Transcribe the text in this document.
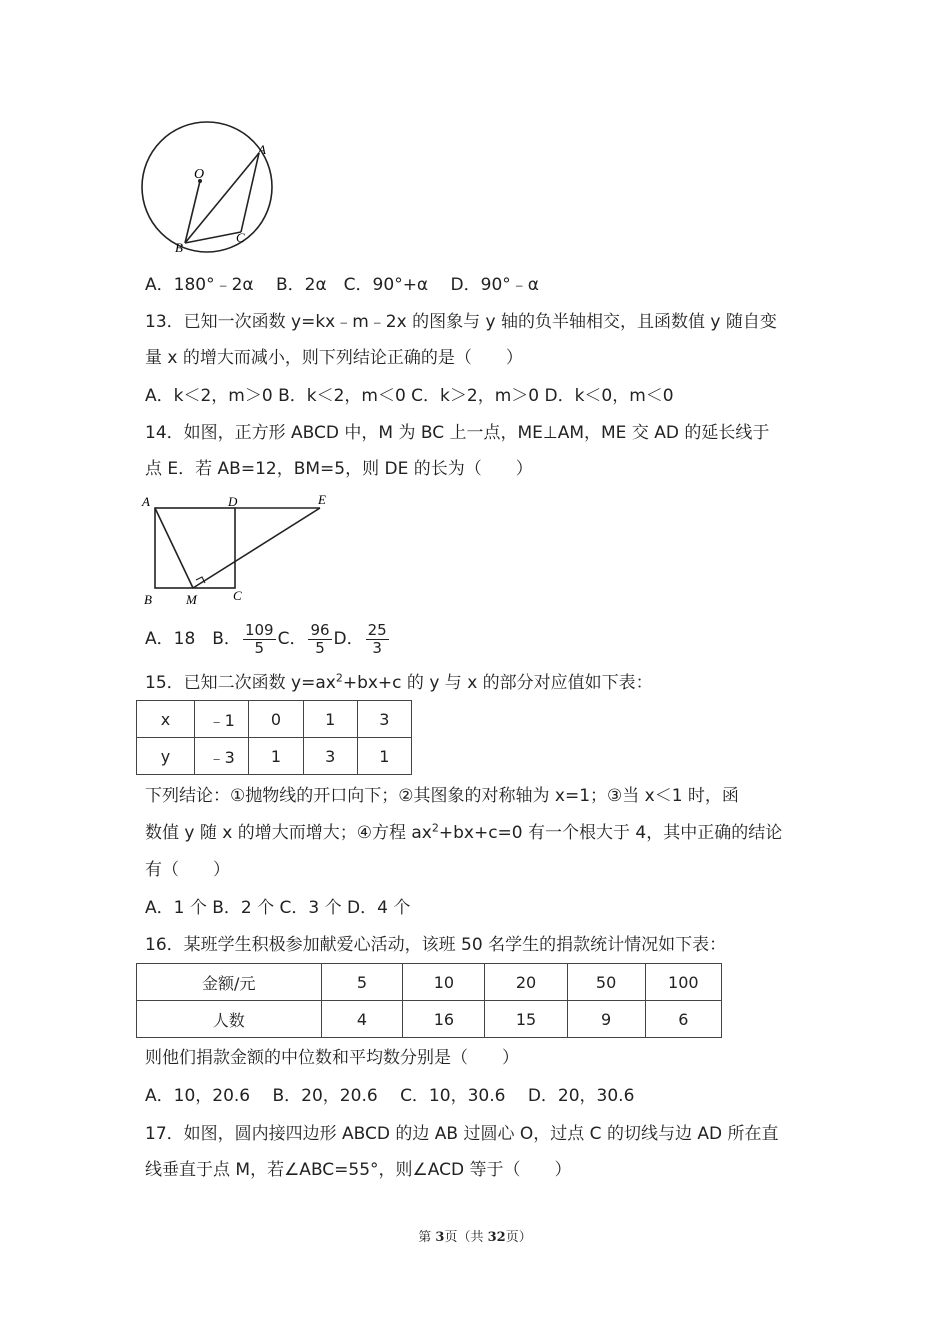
O
A
B
C
A．180°﹣2α　 B．2α　C．90°+α　 D．90°﹣α
13．已知一次函数 y=kx﹣m﹣2x 的图象与 y 轴的负半轴相交，且函数值 y 随自变
量 x 的增大而减小，则下列结论正确的是（　　）
A．k＜2，m＞0 B．k＜2，m＜0 C．k＞2，m＞0 D．k＜0，m＜0
14．如图，正方形 ABCD 中，M 为 BC 上一点，ME⊥AM，ME 交 AD 的延长线于
点 E．若 AB=12，BM=5，则 DE 的长为（　　）
A	D	E
B	M	C
A．18　B． $\frac{109}{5}$ C． $\frac{96}{5}$ D． $\frac{25}{3}$
15．已知二次函数 $y=ax^2+bx+c$ 的 y 与 x 的部分对应值如下表：
x	﹣1	0	1	3
y	﹣3	1	3	1
下列结论：①抛物线的开口向下；②其图象的对称轴为 x=1；③当 x＜1 时，函
数值 y 随 x 的增大而增大；④方程 $ax^2+bx+c=0$ 有一个根大于 4，其中正确的结论
有（　　）
A．1 个 B．2 个 C．3 个 D．4 个
16．某班学生积极参加献爱心活动，该班 50 名学生的捐款统计情况如下表：
金额/元	5	10	20	50	100
人数	4	16	15	9	6
则他们捐款金额的中位数和平均数分别是（　　）
A．10，20.6　 B．20，20.6　 C．10，30.6　 D．20，30.6
17．如图，圆内接四边形 ABCD 的边 AB 过圆心 O，过点 C 的切线与边 AD 所在直
线垂直于点 M，若∠ABC=55°，则∠ACD 等于（　　）
第 3页（共 32页）
